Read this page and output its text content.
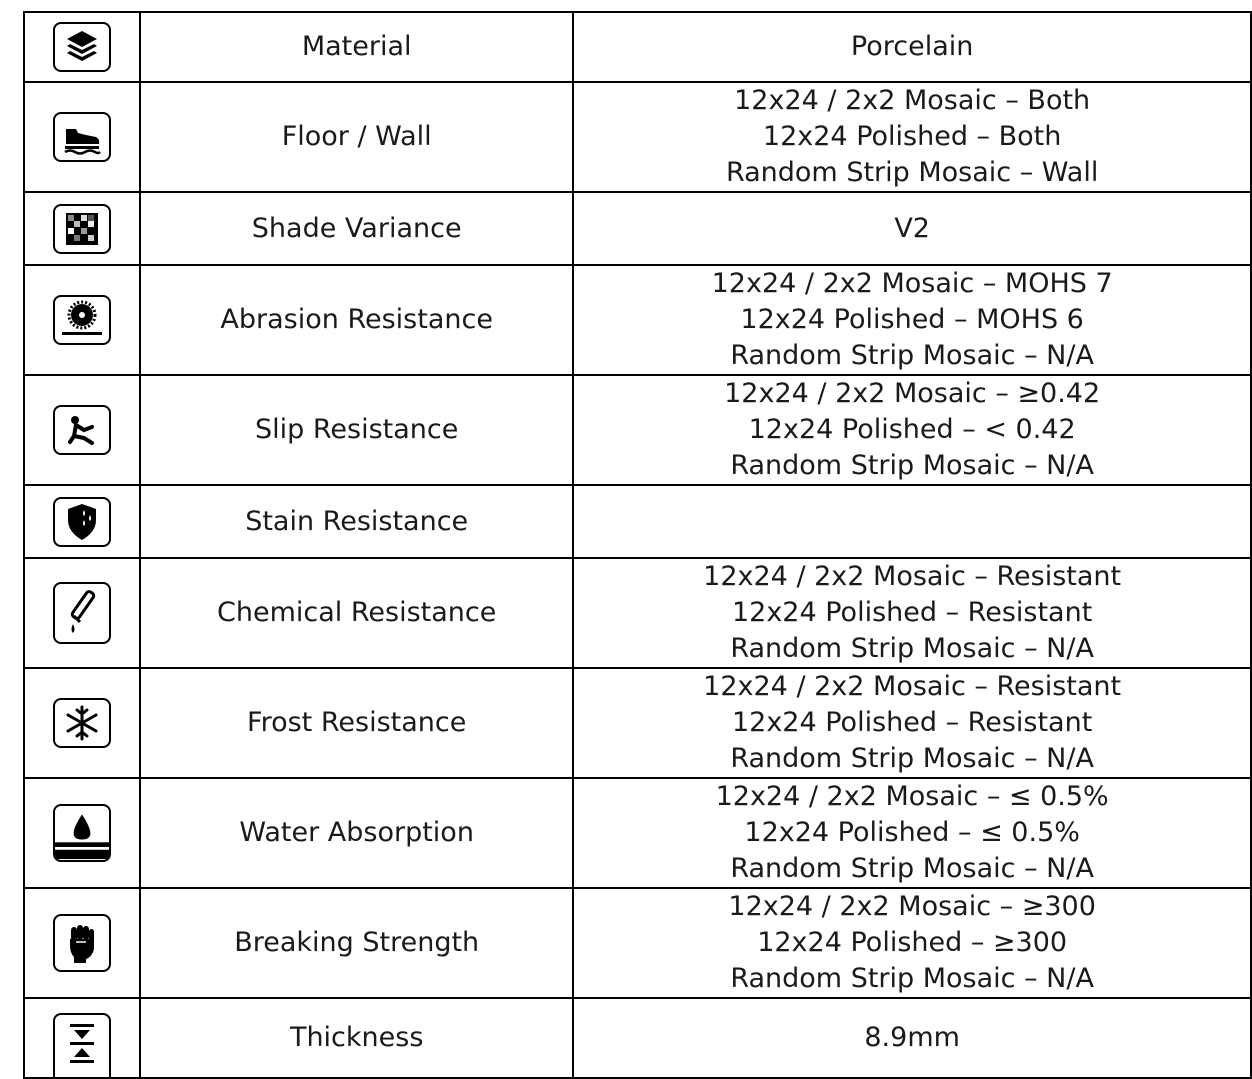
	Material	Porcelain

	Floor / Wall	12x24 / 2x2 Mosaic – Both
12x24 Polished – Both
Random Strip Mosaic – Wall

	Shade Variance	V2

	Abrasion Resistance	12x24 / 2x2 Mosaic – MOHS 7
12x24 Polished – MOHS 6
Random Strip Mosaic – N/A

	Slip Resistance	12x24 / 2x2 Mosaic – ≥0.42
12x24 Polished – < 0.42
Random Strip Mosaic – N/A

	Stain Resistance	

	Chemical Resistance	12x24 / 2x2 Mosaic – Resistant
12x24 Polished – Resistant
Random Strip Mosaic – N/A

	Frost Resistance	12x24 / 2x2 Mosaic – Resistant
12x24 Polished – Resistant
Random Strip Mosaic – N/A

	Water Absorption	12x24 / 2x2 Mosaic – ≤ 0.5%
12x24 Polished – ≤ 0.5%
Random Strip Mosaic – N/A

	Breaking Strength	12x24 / 2x2 Mosaic – ≥300
12x24 Polished – ≥300
Random Strip Mosaic – N/A

	Thickness	8.9mm
